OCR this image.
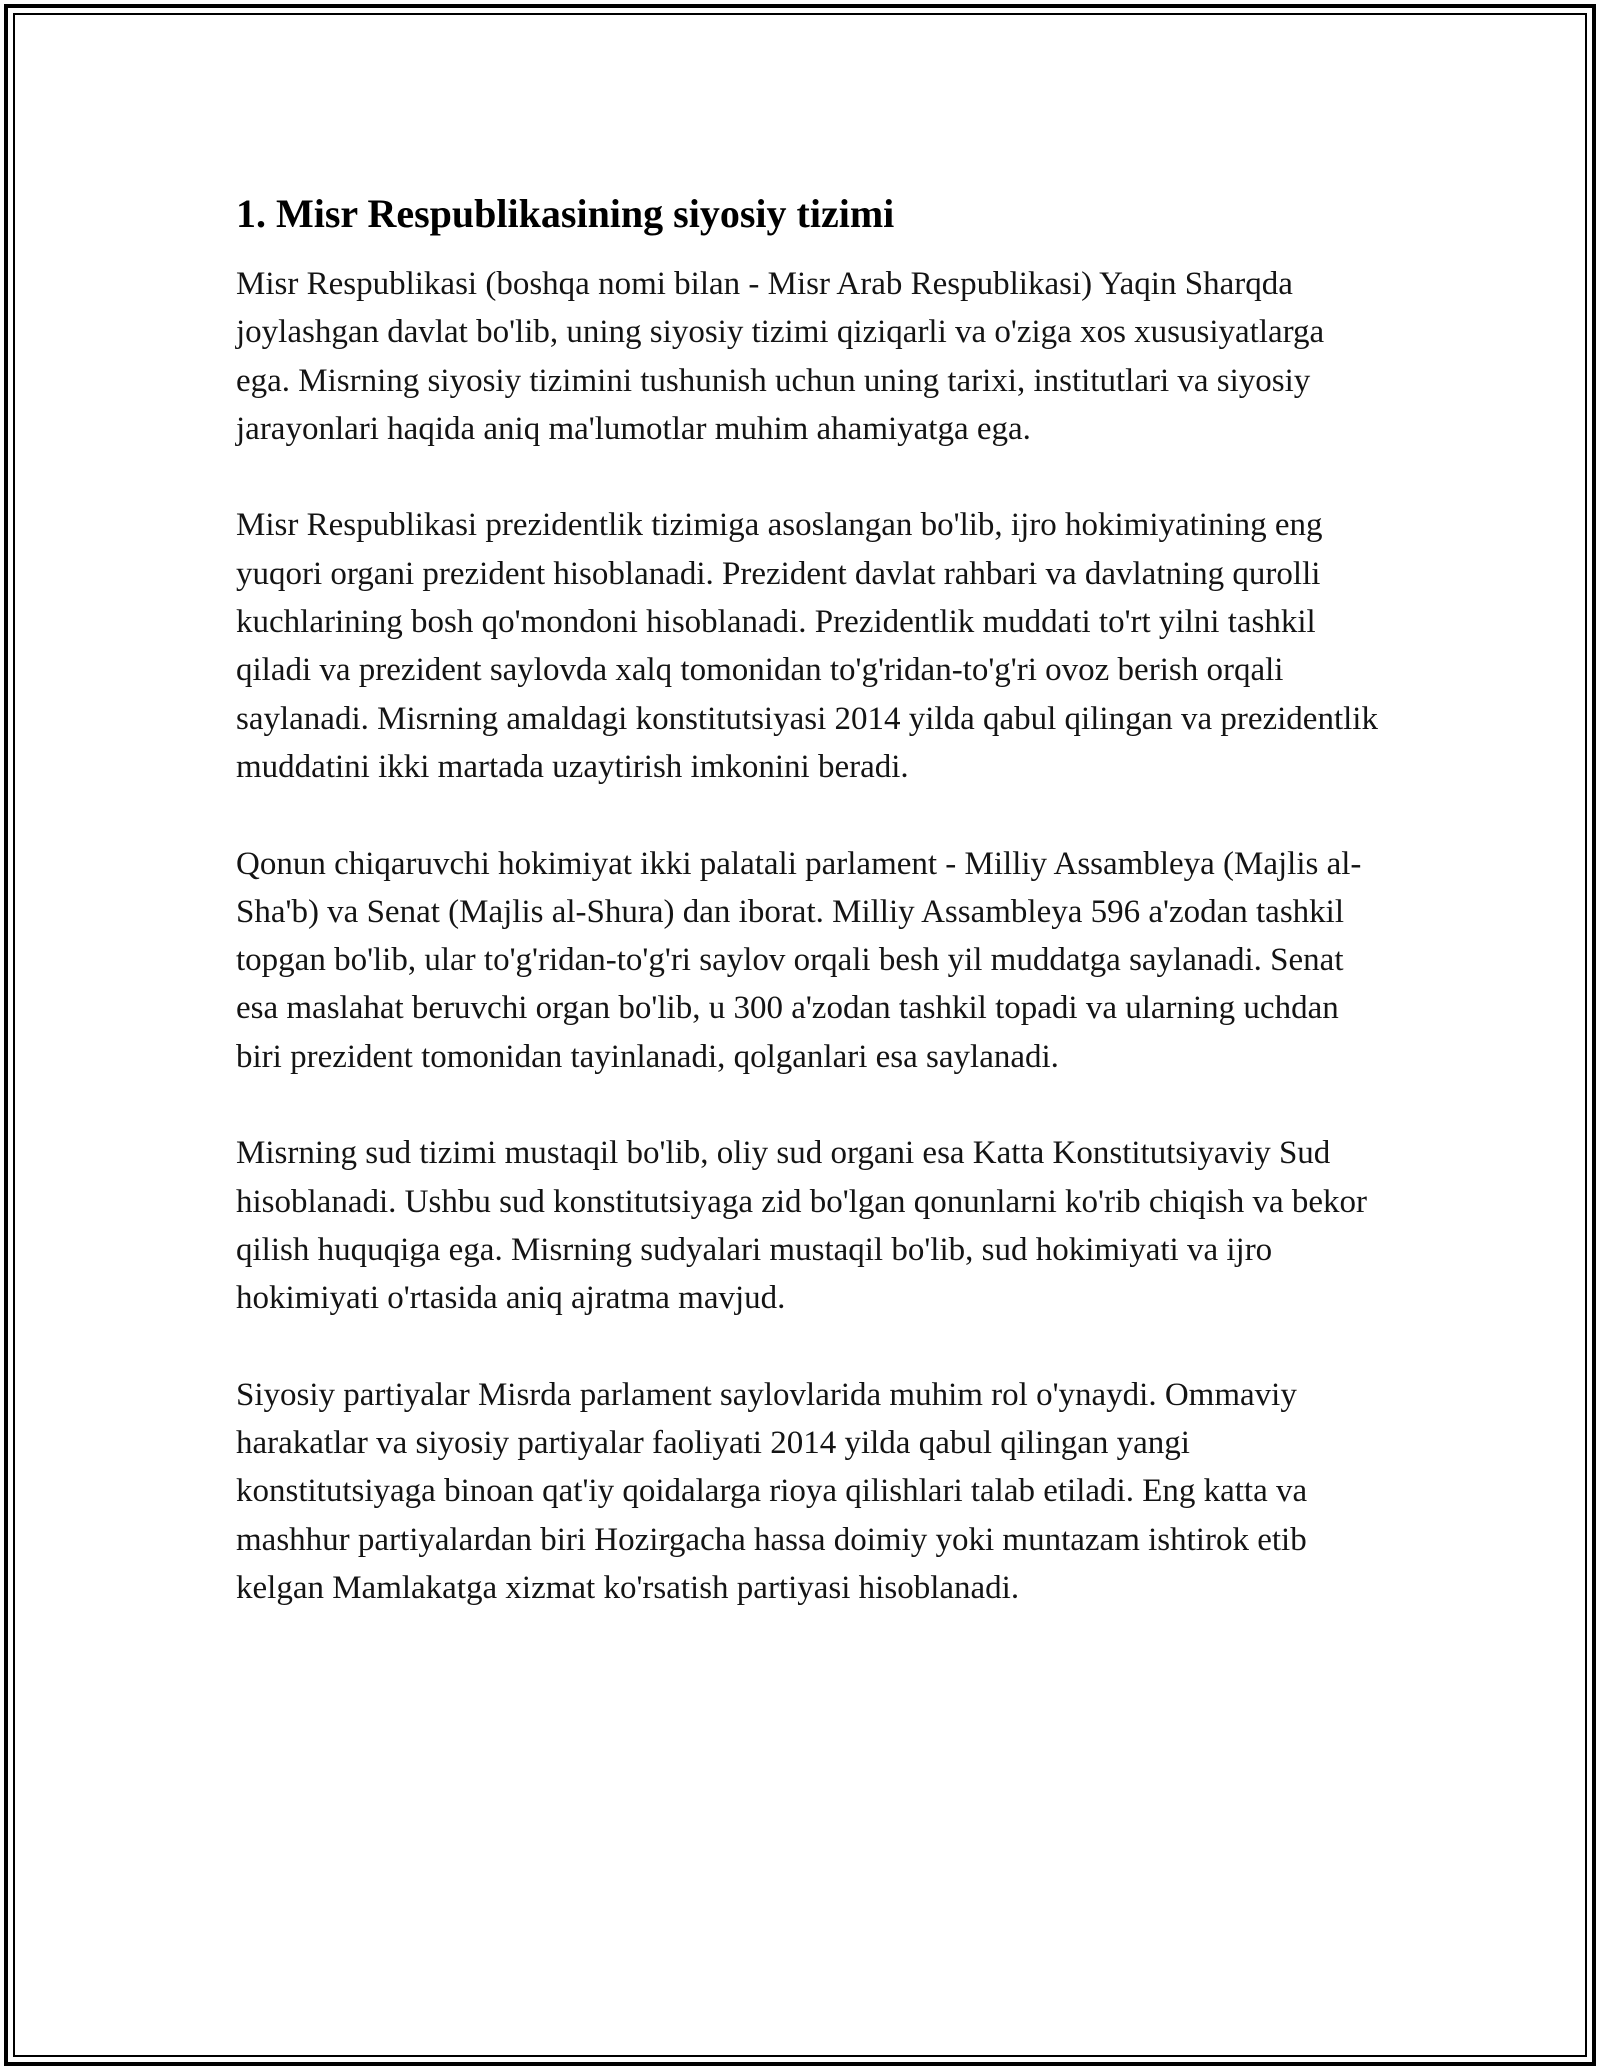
1. Misr Respublikasining siyosiy tizimi

Misr Respublikasi (boshqa nomi bilan - Misr Arab Respublikasi) Yaqin Sharqda joylashgan davlat bo'lib, uning siyosiy tizimi qiziqarli va o'ziga xos xususiyatlarga ega. Misrning siyosiy tizimini tushunish uchun uning tarixi, institutlari va siyosiy jarayonlari haqida aniq ma'lumotlar muhim ahamiyatga ega.

Misr Respublikasi prezidentlik tizimiga asoslangan bo'lib, ijro hokimiyatining eng yuqori organi prezident hisoblanadi. Prezident davlat rahbari va davlatning qurolli kuchlarining bosh qo'mondoni hisoblanadi. Prezidentlik muddati to'rt yilni tashkil qiladi va prezident saylovda xalq tomonidan to'g'ridan-to'g'ri ovoz berish orqali saylanadi. Misrning amaldagi konstitutsiyasi 2014 yilda qabul qilingan va prezidentlik muddatini ikki martada uzaytirish imkonini beradi.

Qonun chiqaruvchi hokimiyat ikki palatali parlament - Milliy Assambleya (Majlis al-Sha'b) va Senat (Majlis al-Shura) dan iborat. Milliy Assambleya 596 a'zodan tashkil topgan bo'lib, ular to'g'ridan-to'g'ri saylov orqali besh yil muddatga saylanadi. Senat esa maslahat beruvchi organ bo'lib, u 300 a'zodan tashkil topadi va ularning uchdan biri prezident tomonidan tayinlanadi, qolganlari esa saylanadi.

Misrning sud tizimi mustaqil bo'lib, oliy sud organi esa Katta Konstitutsiyaviy Sud hisoblanadi. Ushbu sud konstitutsiyaga zid bo'lgan qonunlarni ko'rib chiqish va bekor qilish huquqiga ega. Misrning sudyalari mustaqil bo'lib, sud hokimiyati va ijro hokimiyati o'rtasida aniq ajratma mavjud.

Siyosiy partiyalar Misrda parlament saylovlarida muhim rol o'ynaydi. Ommaviy harakatlar va siyosiy partiyalar faoliyati 2014 yilda qabul qilingan yangi konstitutsiyaga binoan qat'iy qoidalarga rioya qilishlari talab etiladi. Eng katta va mashhur partiyalardan biri Hozirgacha hassa doimiy yoki muntazam ishtirok etib kelgan Mamlakatga xizmat ko'rsatish partiyasi hisoblanadi.
